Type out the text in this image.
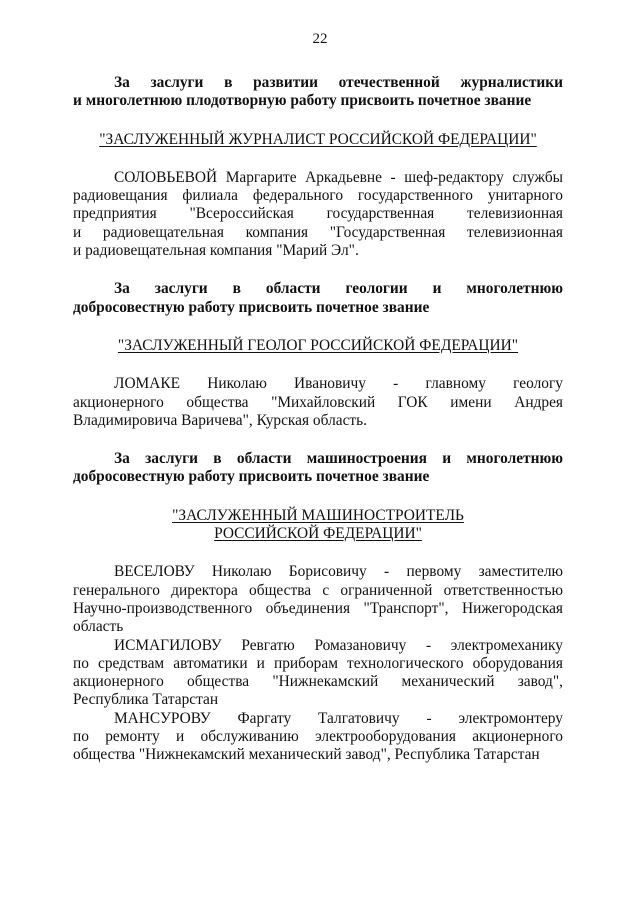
22

За заслуги в развитии отечественной журналистики
и многолетнюю плодотворную работу присвоить почетное звание

"ЗАСЛУЖЕННЫЙ ЖУРНАЛИСТ РОССИЙСКОЙ ФЕДЕРАЦИИ"

СОЛОВЬЕВОЙ Маргарите Аркадьевне - шеф-редактору службы
радиовещания филиала федерального государственного унитарного
предприятия "Всероссийская государственная телевизионная
и радиовещательная компания "Государственная телевизионная
и радиовещательная компания "Марий Эл".

За заслуги в области геологии и многолетнюю
добросовестную работу присвоить почетное звание

"ЗАСЛУЖЕННЫЙ ГЕОЛОГ РОССИЙСКОЙ ФЕДЕРАЦИИ"

ЛОМАКЕ Николаю Ивановичу - главному геологу
акционерного общества "Михайловский ГОК имени Андрея
Владимировича Варичева", Курская область.

За заслуги в области машиностроения и многолетнюю
добросовестную работу присвоить почетное звание

"ЗАСЛУЖЕННЫЙ МАШИНОСТРОИТЕЛЬ
РОССИЙСКОЙ ФЕДЕРАЦИИ"

ВЕСЕЛОВУ Николаю Борисовичу - первому заместителю
генерального директора общества с ограниченной ответственностью
Научно-производственного объединения "Транспорт", Нижегородская
область

ИСМАГИЛОВУ Ревгатю Ромазановичу - электромеханику
по средствам автоматики и приборам технологического оборудования
акционерного общества "Нижнекамский механический завод",
Республика Татарстан

МАНСУРОВУ Фаргату Талгатовичу - электромонтеру
по ремонту и обслуживанию электрооборудования акционерного
общества "Нижнекамский механический завод", Республика Татарстан
